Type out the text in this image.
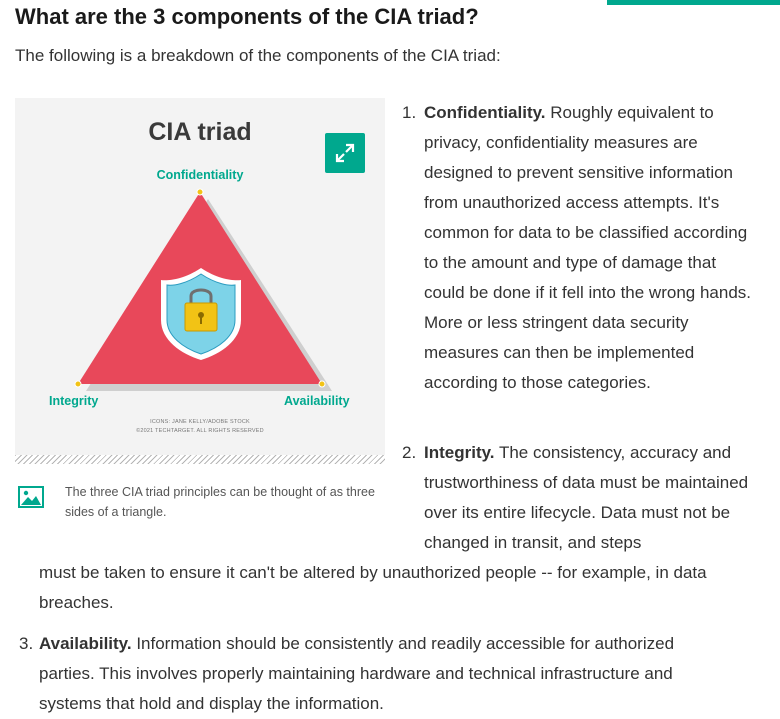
What are the 3 components of the CIA triad?

The following is a breakdown of the components of the CIA triad:

CIA triad
Confidentiality
Integrity	Availability
ICONS: JANE KELLY/ADOBE STOCK
©2021 TECHTARGET. ALL RIGHTS RESERVED

The three CIA triad principles can be thought of as three sides of a triangle.

1. Confidentiality. Roughly equivalent to privacy, confidentiality measures are designed to prevent sensitive information from unauthorized access attempts. It's common for data to be classified according to the amount and type of damage that could be done if it fell into the wrong hands. More or less stringent data security measures can then be implemented according to those categories.
2. Integrity. The consistency, accuracy and trustworthiness of data must be maintained over its entire lifecycle. Data must not be changed in transit, and steps
must be taken to ensure it can't be altered by unauthorized people -- for example, in data breaches.
3. Availability. Information should be consistently and readily accessible for authorized parties. This involves properly maintaining hardware and technical infrastructure and systems that hold and display the information.
